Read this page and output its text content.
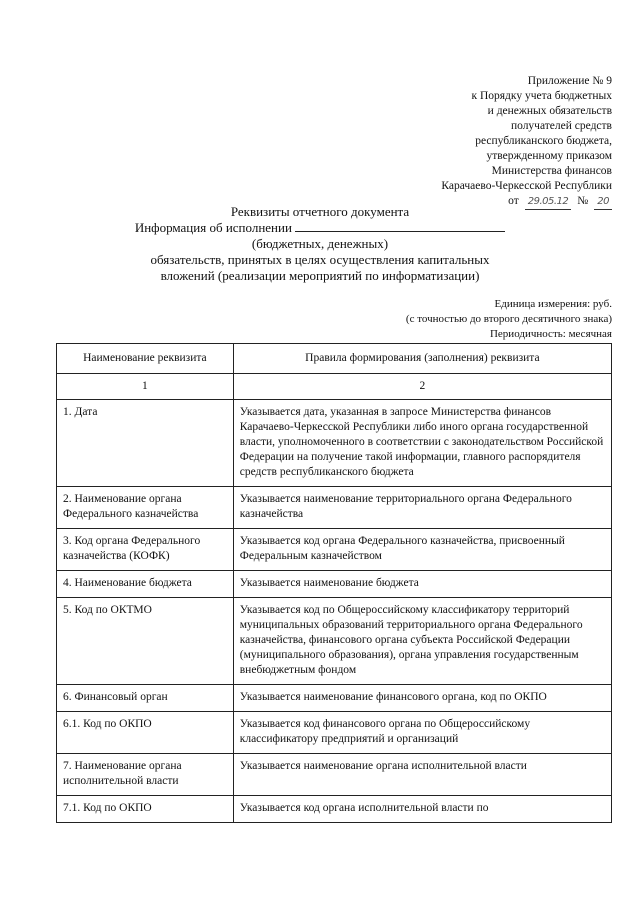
Приложение № 9
к Порядку учета бюджетных
и денежных обязательств
получателей средств
республиканского бюджета,
утвержденному приказом
Министерства финансов
Карачаево-Черкесской Республики
от 29.05.12 № 20
Реквизиты отчетного документа
Информация об исполнении
(бюджетных, денежных)
обязательств, принятых в целях осуществления капитальных
вложений (реализации мероприятий по информатизации)
Единица измерения: руб.
(с точностью до второго десятичного знака)
Периодичность: месячная
Наименование реквизита	Правила формирования (заполнения) реквизита
1	2
1. Дата	Указывается дата, указанная в запросе Министерства финансов Карачаево-Черкесской Республики либо иного органа государственной власти, уполномоченного в соответствии с законодательством Российской Федерации на получение такой информации, главного распорядителя средств республиканского бюджета
2. Наименование органа Федерального казначейства	Указывается наименование территориального органа Федерального казначейства
3. Код органа Федерального казначейства (КОФК)	Указывается код органа Федерального казначейства, присвоенный Федеральным казначейством
4. Наименование бюджета	Указывается наименование бюджета
5. Код по ОКТМО	Указывается код по Общероссийскому классификатору территорий муниципальных образований территориального органа Федерального казначейства, финансового органа субъекта Российской Федерации (муниципального образования), органа управления государственным внебюджетным фондом
6. Финансовый орган	Указывается наименование финансового органа, код по ОКПО
6.1. Код по ОКПО	Указывается код финансового органа по Общероссийскому классификатору предприятий и организаций
7. Наименование органа исполнительной власти	Указывается наименование органа исполнительной власти
7.1. Код по ОКПО	Указывается код органа исполнительной власти по
